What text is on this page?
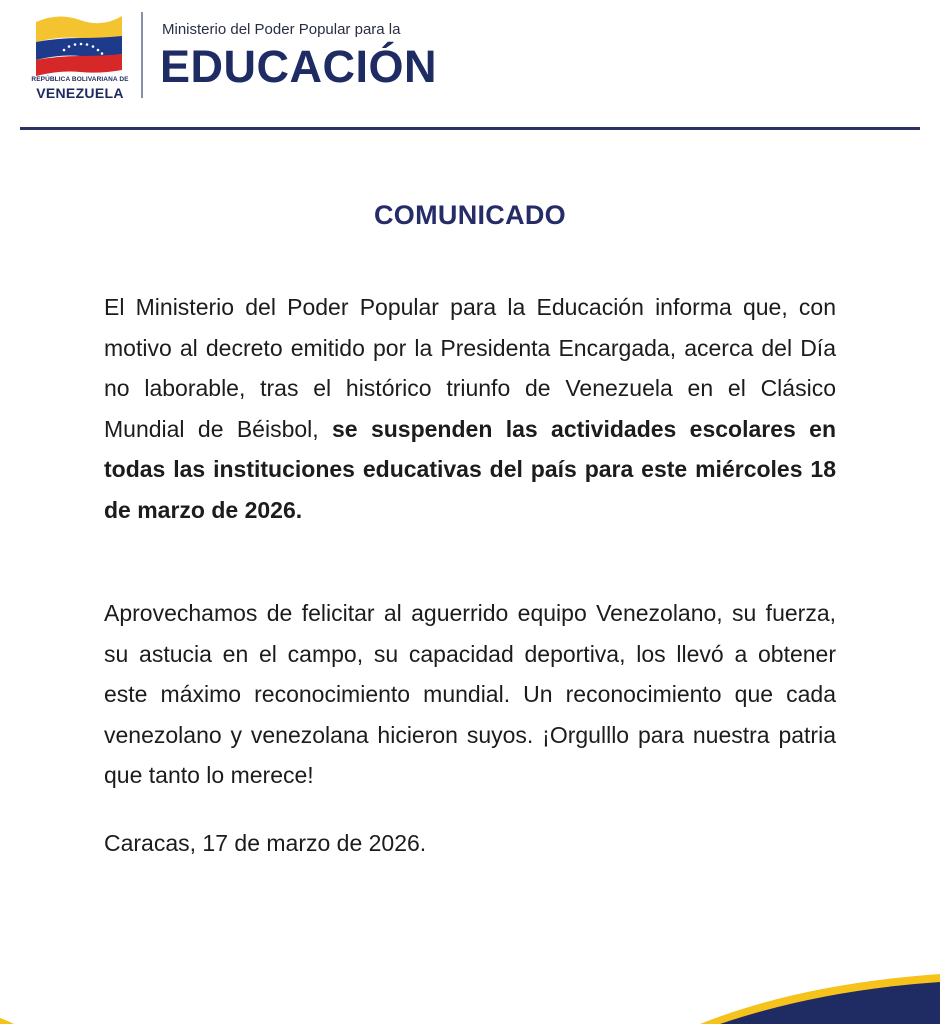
REPÚBLICA BOLIVARIANA DE
VENEZUELA
Ministerio del Poder Popular para la
EDUCACIÓN
COMUNICADO
El Ministerio del Poder Popular para la Educación informa que, con motivo al decreto emitido por la Presidenta Encargada, acerca del Día no laborable, tras el histórico triunfo de Venezuela en el Clásico Mundial de Béisbol, se suspenden las actividades escolares en todas las instituciones educativas del país para este miércoles 18 de marzo de 2026.
Aprovechamos de felicitar al aguerrido equipo Venezolano, su fuerza, su astucia en el campo, su capacidad deportiva, los llevó a obtener este máximo reconocimiento mundial. Un reconocimiento que cada venezolano y venezolana hicieron suyos. ¡Orgulllo para nuestra patria que tanto lo merece!
Caracas, 17 de marzo de 2026.
